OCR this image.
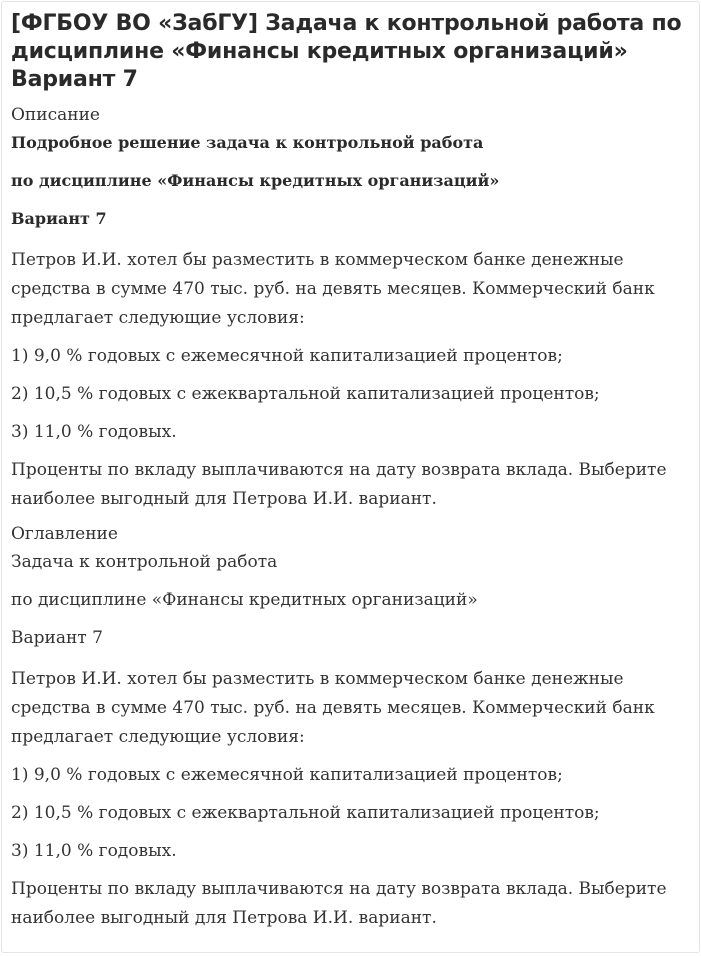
[ФГБОУ ВО «ЗабГУ] Задача к контрольной работа по дисциплине «Финансы кредитных организаций» Вариант 7
Описание
Подробное решение задача к контрольной работа
по дисциплине «Финансы кредитных организаций»
Вариант 7
Петров И.И. хотел бы разместить в коммерческом банке денежные средства в сумме 470 тыс. руб. на девять месяцев. Коммерческий банк предлагает следующие условия:
1) 9,0 % годовых с ежемесячной капитализацией процентов;
2) 10,5 % годовых с ежеквартальной капитализацией процентов;
3) 11,0 % годовых.
Проценты по вкладу выплачиваются на дату возврата вклада. Выберите наиболее выгодный для Петрова И.И. вариант.
Оглавление
Задача к контрольной работа
по дисциплине «Финансы кредитных организаций»
Вариант 7
Петров И.И. хотел бы разместить в коммерческом банке денежные средства в сумме 470 тыс. руб. на девять месяцев. Коммерческий банк предлагает следующие условия:
1) 9,0 % годовых с ежемесячной капитализацией процентов;
2) 10,5 % годовых с ежеквартальной капитализацией процентов;
3) 11,0 % годовых.
Проценты по вкладу выплачиваются на дату возврата вклада. Выберите наиболее выгодный для Петрова И.И. вариант.
